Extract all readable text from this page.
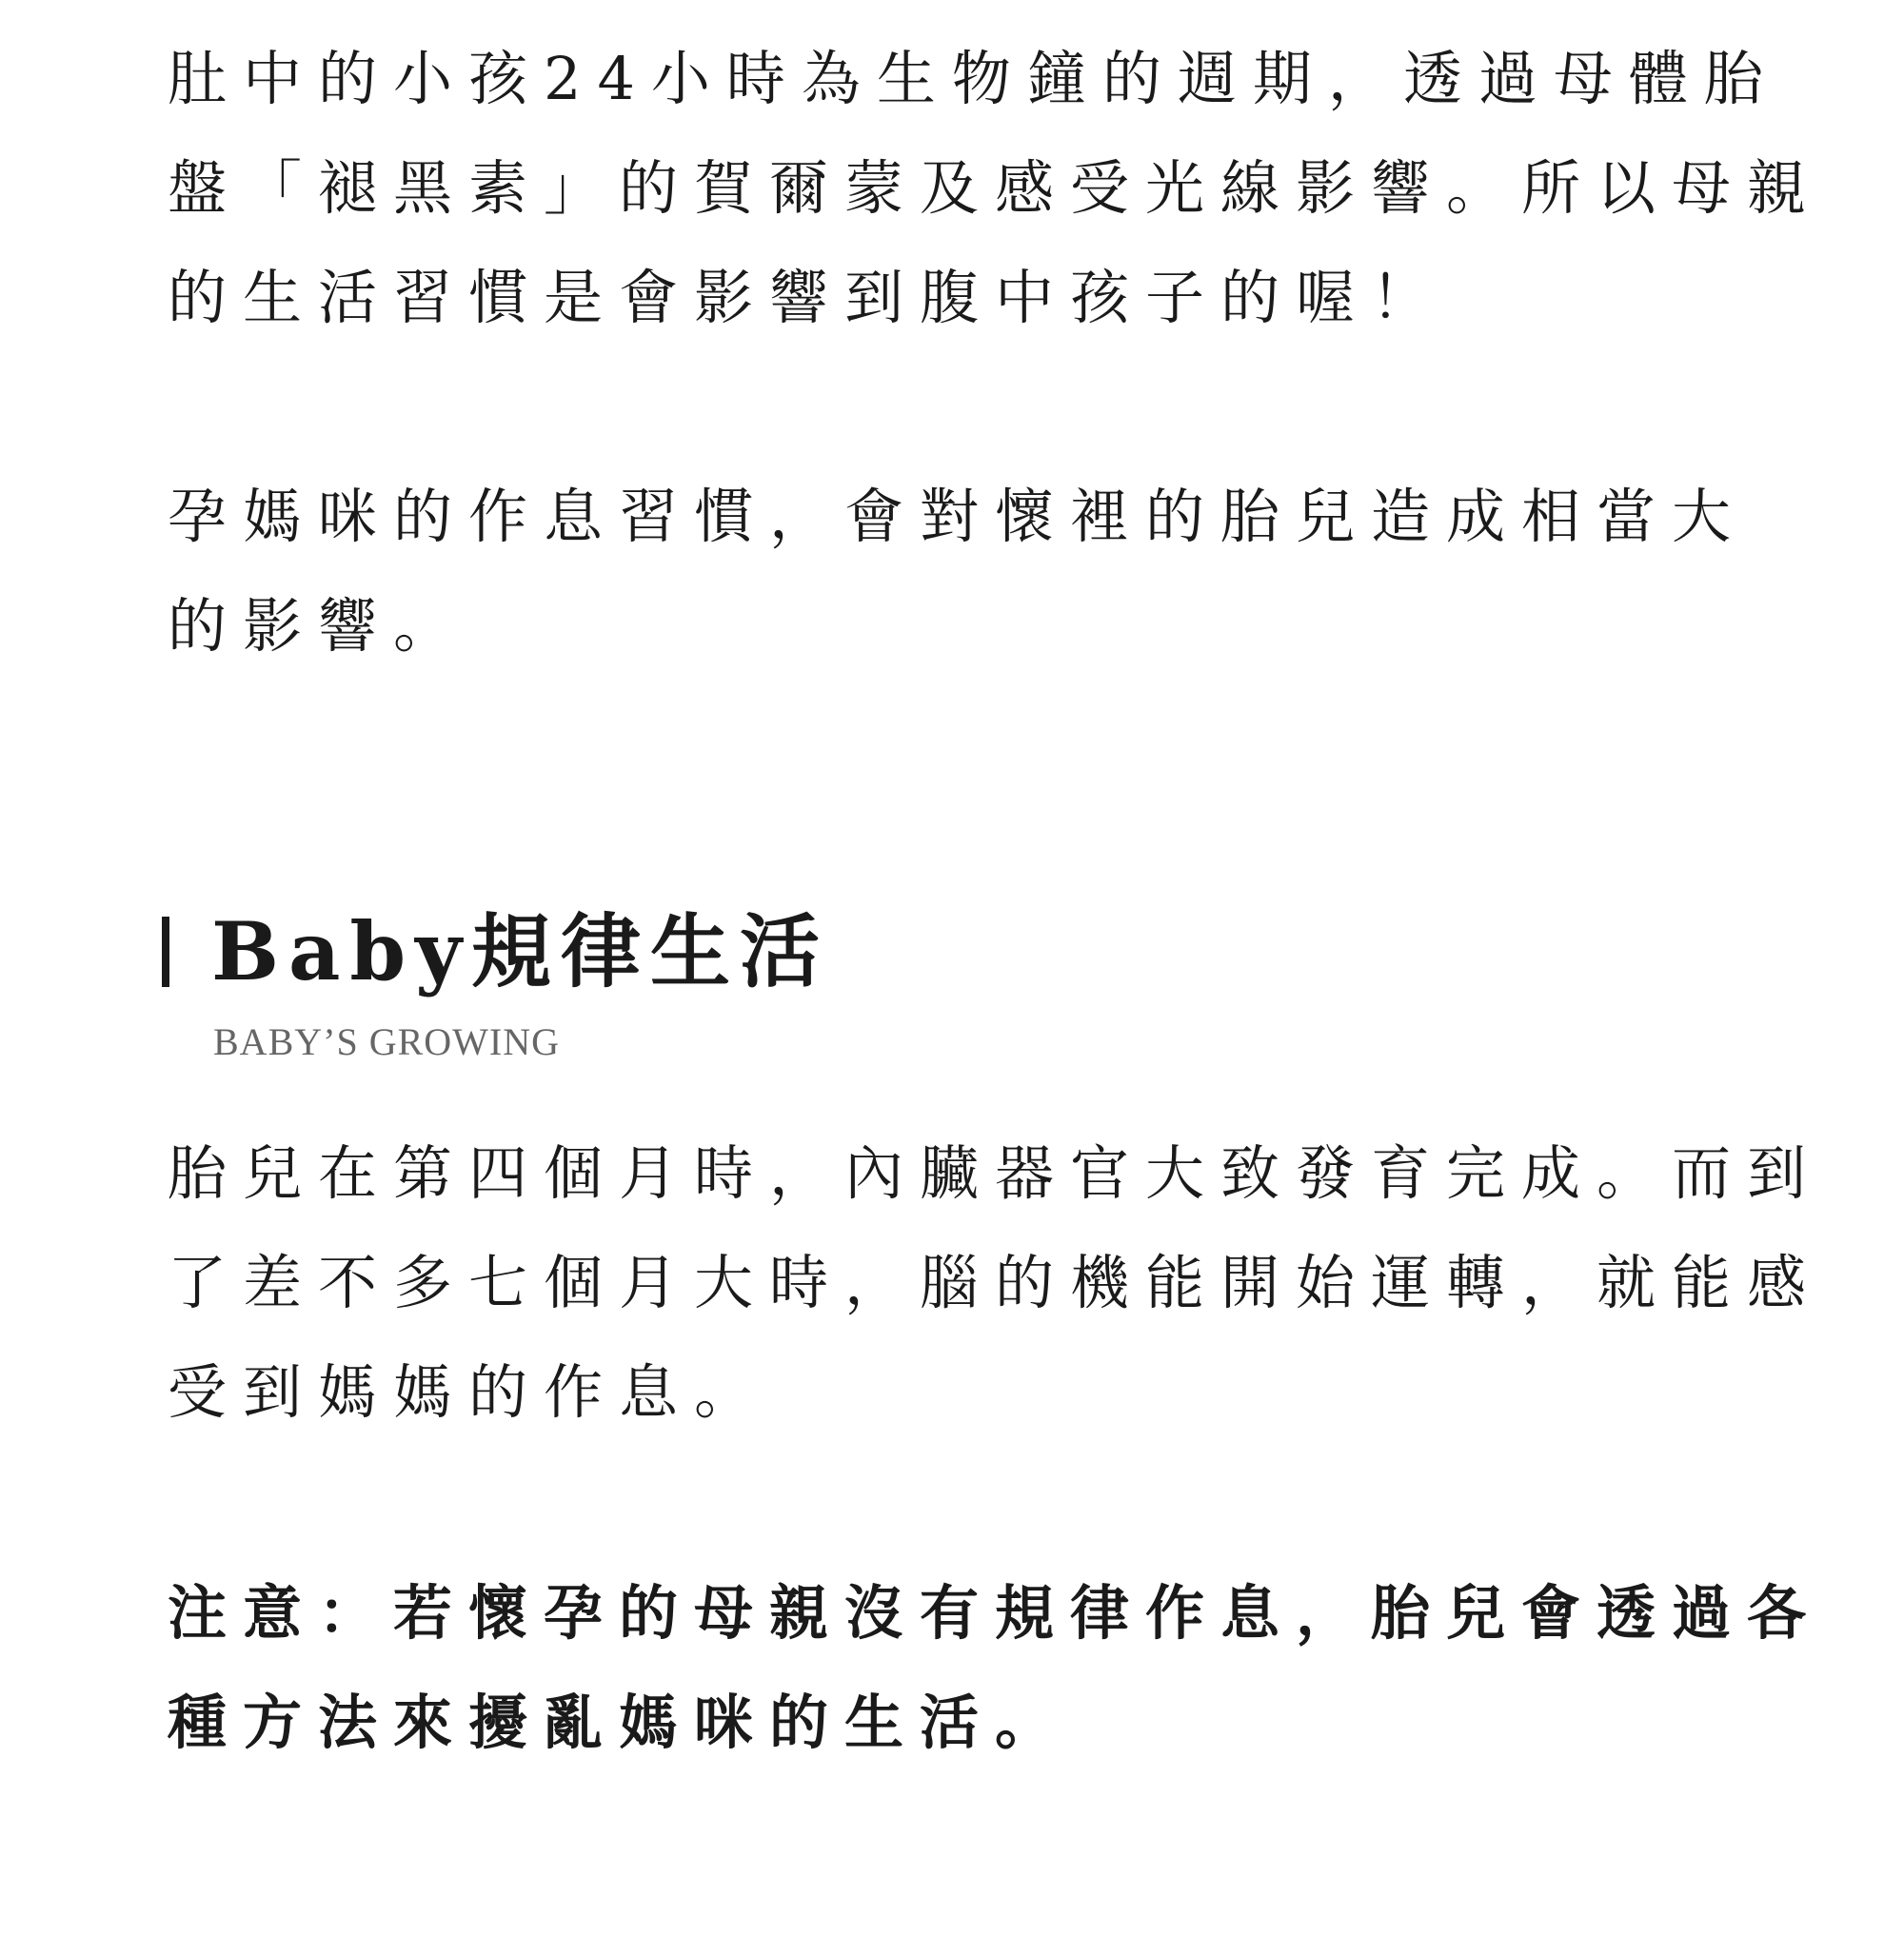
肚中的小孩24小時為生物鐘的週期，透過母體胎
盤「褪黑素」的賀爾蒙及感受光線影響。所以母親
的生活習慣是會影響到腹中孩子的喔！
孕媽咪的作息習慣，會對懷裡的胎兒造成相當大
的影響。
Baby規律生活
BABY’S GROWING
胎兒在第四個月時，內臟器官大致發育完成。而到
了差不多七個月大時，腦的機能開始運轉，就能感
受到媽媽的作息。
注意：若懷孕的母親沒有規律作息，胎兒會透過各
種方法來擾亂媽咪的生活。
